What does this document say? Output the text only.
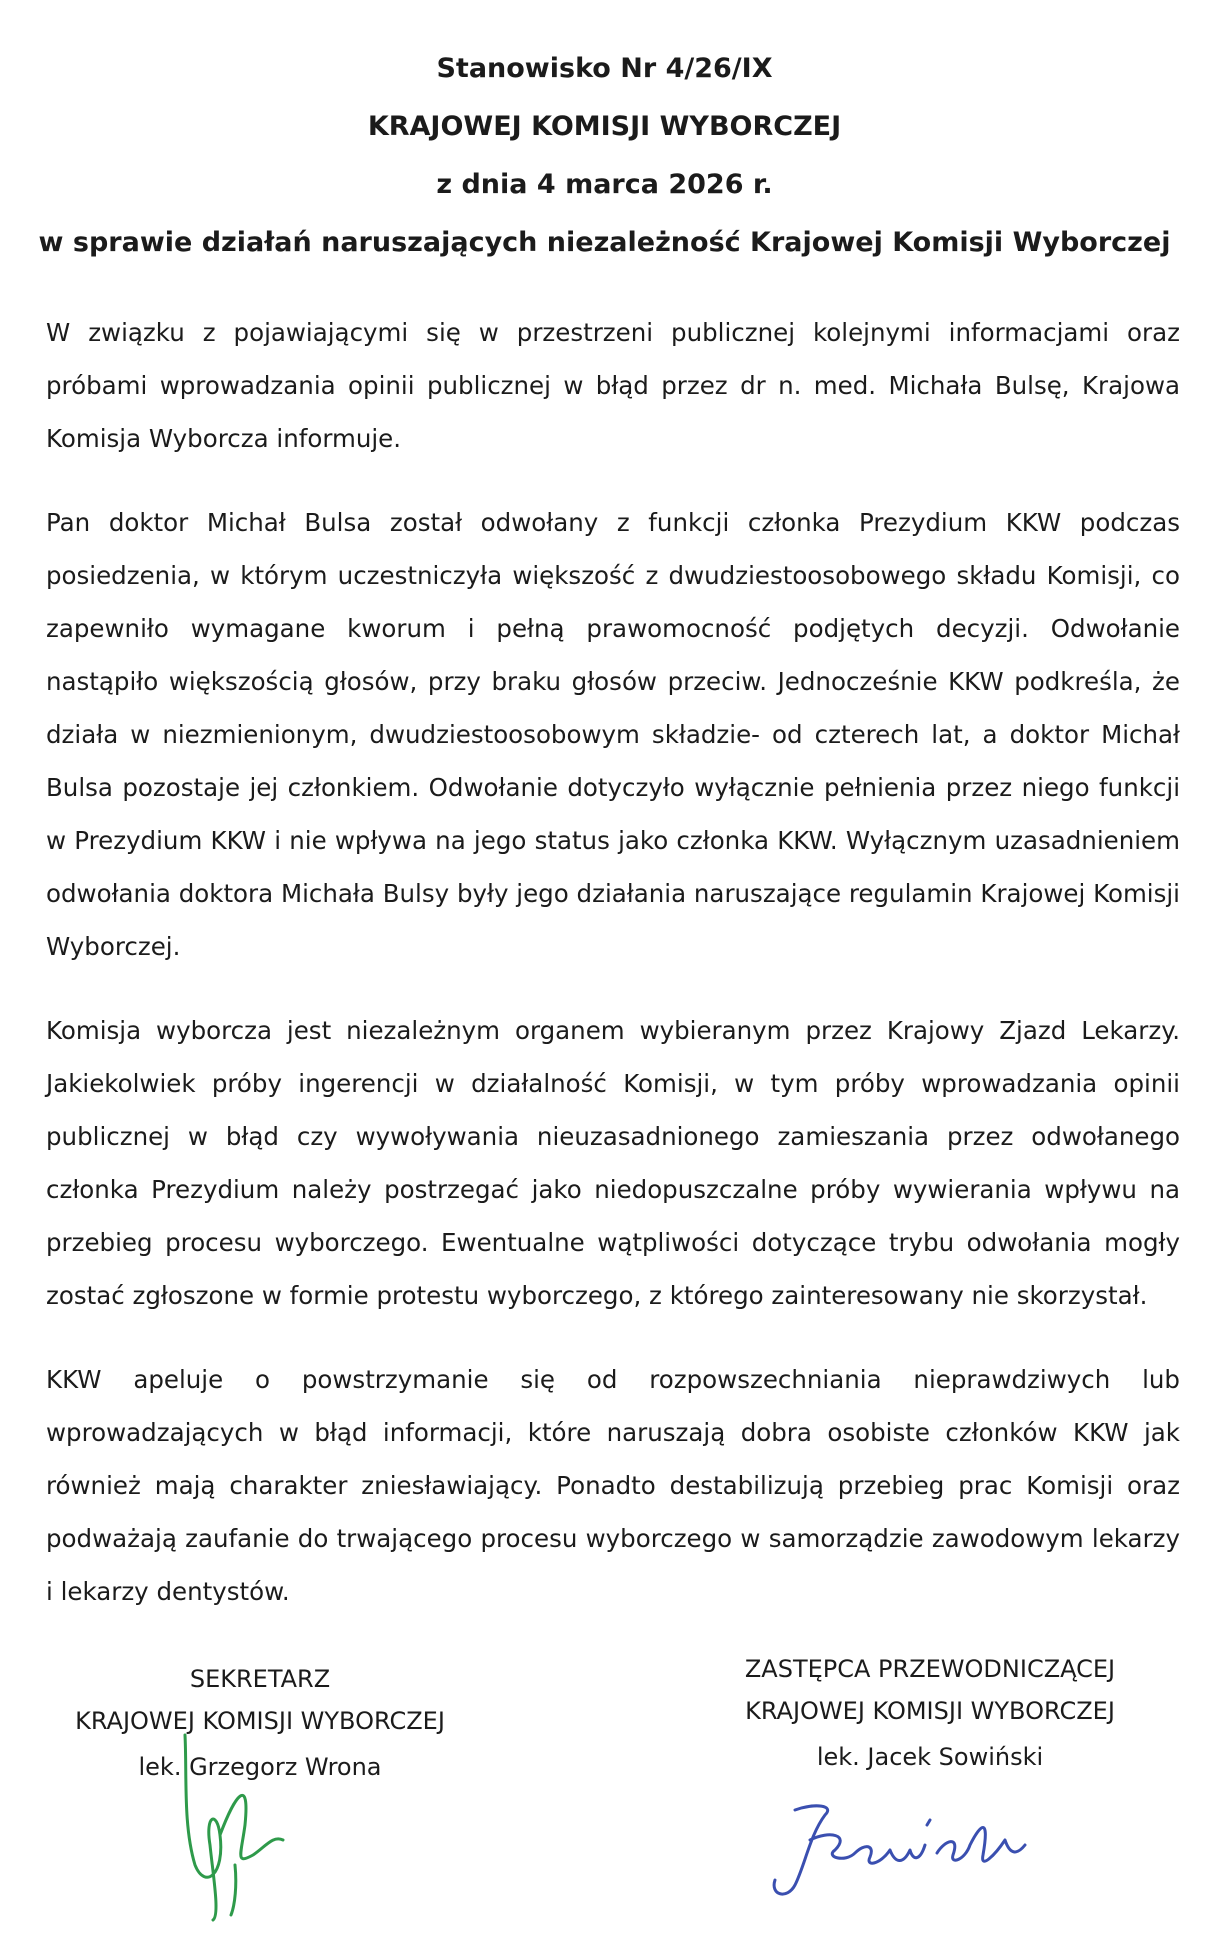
Stanowisko Nr 4/26/IX
KRAJOWEJ KOMISJI WYBORCZEJ
z dnia 4 marca 2026 r.
w sprawie działań naruszających niezależność Krajowej Komisji Wyborczej

W związku z pojawiającymi się w przestrzeni publicznej kolejnymi informacjami oraz próbami wprowadzania opinii publicznej w błąd przez dr n. med. Michała Bulsę, Krajowa Komisja Wyborcza informuje.

Pan doktor Michał Bulsa został odwołany z funkcji członka Prezydium KKW podczas posiedzenia, w którym uczestniczyła większość z dwudziestoosobowego składu Komisji, co zapewniło wymagane kworum i pełną prawomocność podjętych decyzji. Odwołanie nastąpiło większością głosów, przy braku głosów przeciw. Jednocześnie KKW podkreśla, że działa w niezmienionym, dwudziestoosobowym składzie- od czterech lat, a doktor Michał Bulsa pozostaje jej członkiem. Odwołanie dotyczyło wyłącznie pełnienia przez niego funkcji w Prezydium KKW i nie wpływa na jego status jako członka KKW. Wyłącznym uzasadnieniem odwołania doktora Michała Bulsy były jego działania naruszające regulamin Krajowej Komisji Wyborczej.

Komisja wyborcza jest niezależnym organem wybieranym przez Krajowy Zjazd Lekarzy. Jakiekolwiek próby ingerencji w działalność Komisji, w tym próby wprowadzania opinii publicznej w błąd czy wywoływania nieuzasadnionego zamieszania przez odwołanego członka Prezydium należy postrzegać jako niedopuszczalne próby wywierania wpływu na przebieg procesu wyborczego. Ewentualne wątpliwości dotyczące trybu odwołania mogły zostać zgłoszone w formie protestu wyborczego, z którego zainteresowany nie skorzystał.

KKW apeluje o powstrzymanie się od rozpowszechniania nieprawdziwych lub wprowadzających w błąd informacji, które naruszają dobra osobiste członków KKW jak również mają charakter zniesławiający. Ponadto destabilizują przebieg prac Komisji oraz podważają zaufanie do trwającego procesu wyborczego w samorządzie zawodowym lekarzy i lekarzy dentystów.

SEKRETARZ
KRAJOWEJ KOMISJI WYBORCZEJ
lek. Grzegorz Wrona
ZASTĘPCA PRZEWODNICZĄCEJ
KRAJOWEJ KOMISJI WYBORCZEJ
lek. Jacek Sowiński
